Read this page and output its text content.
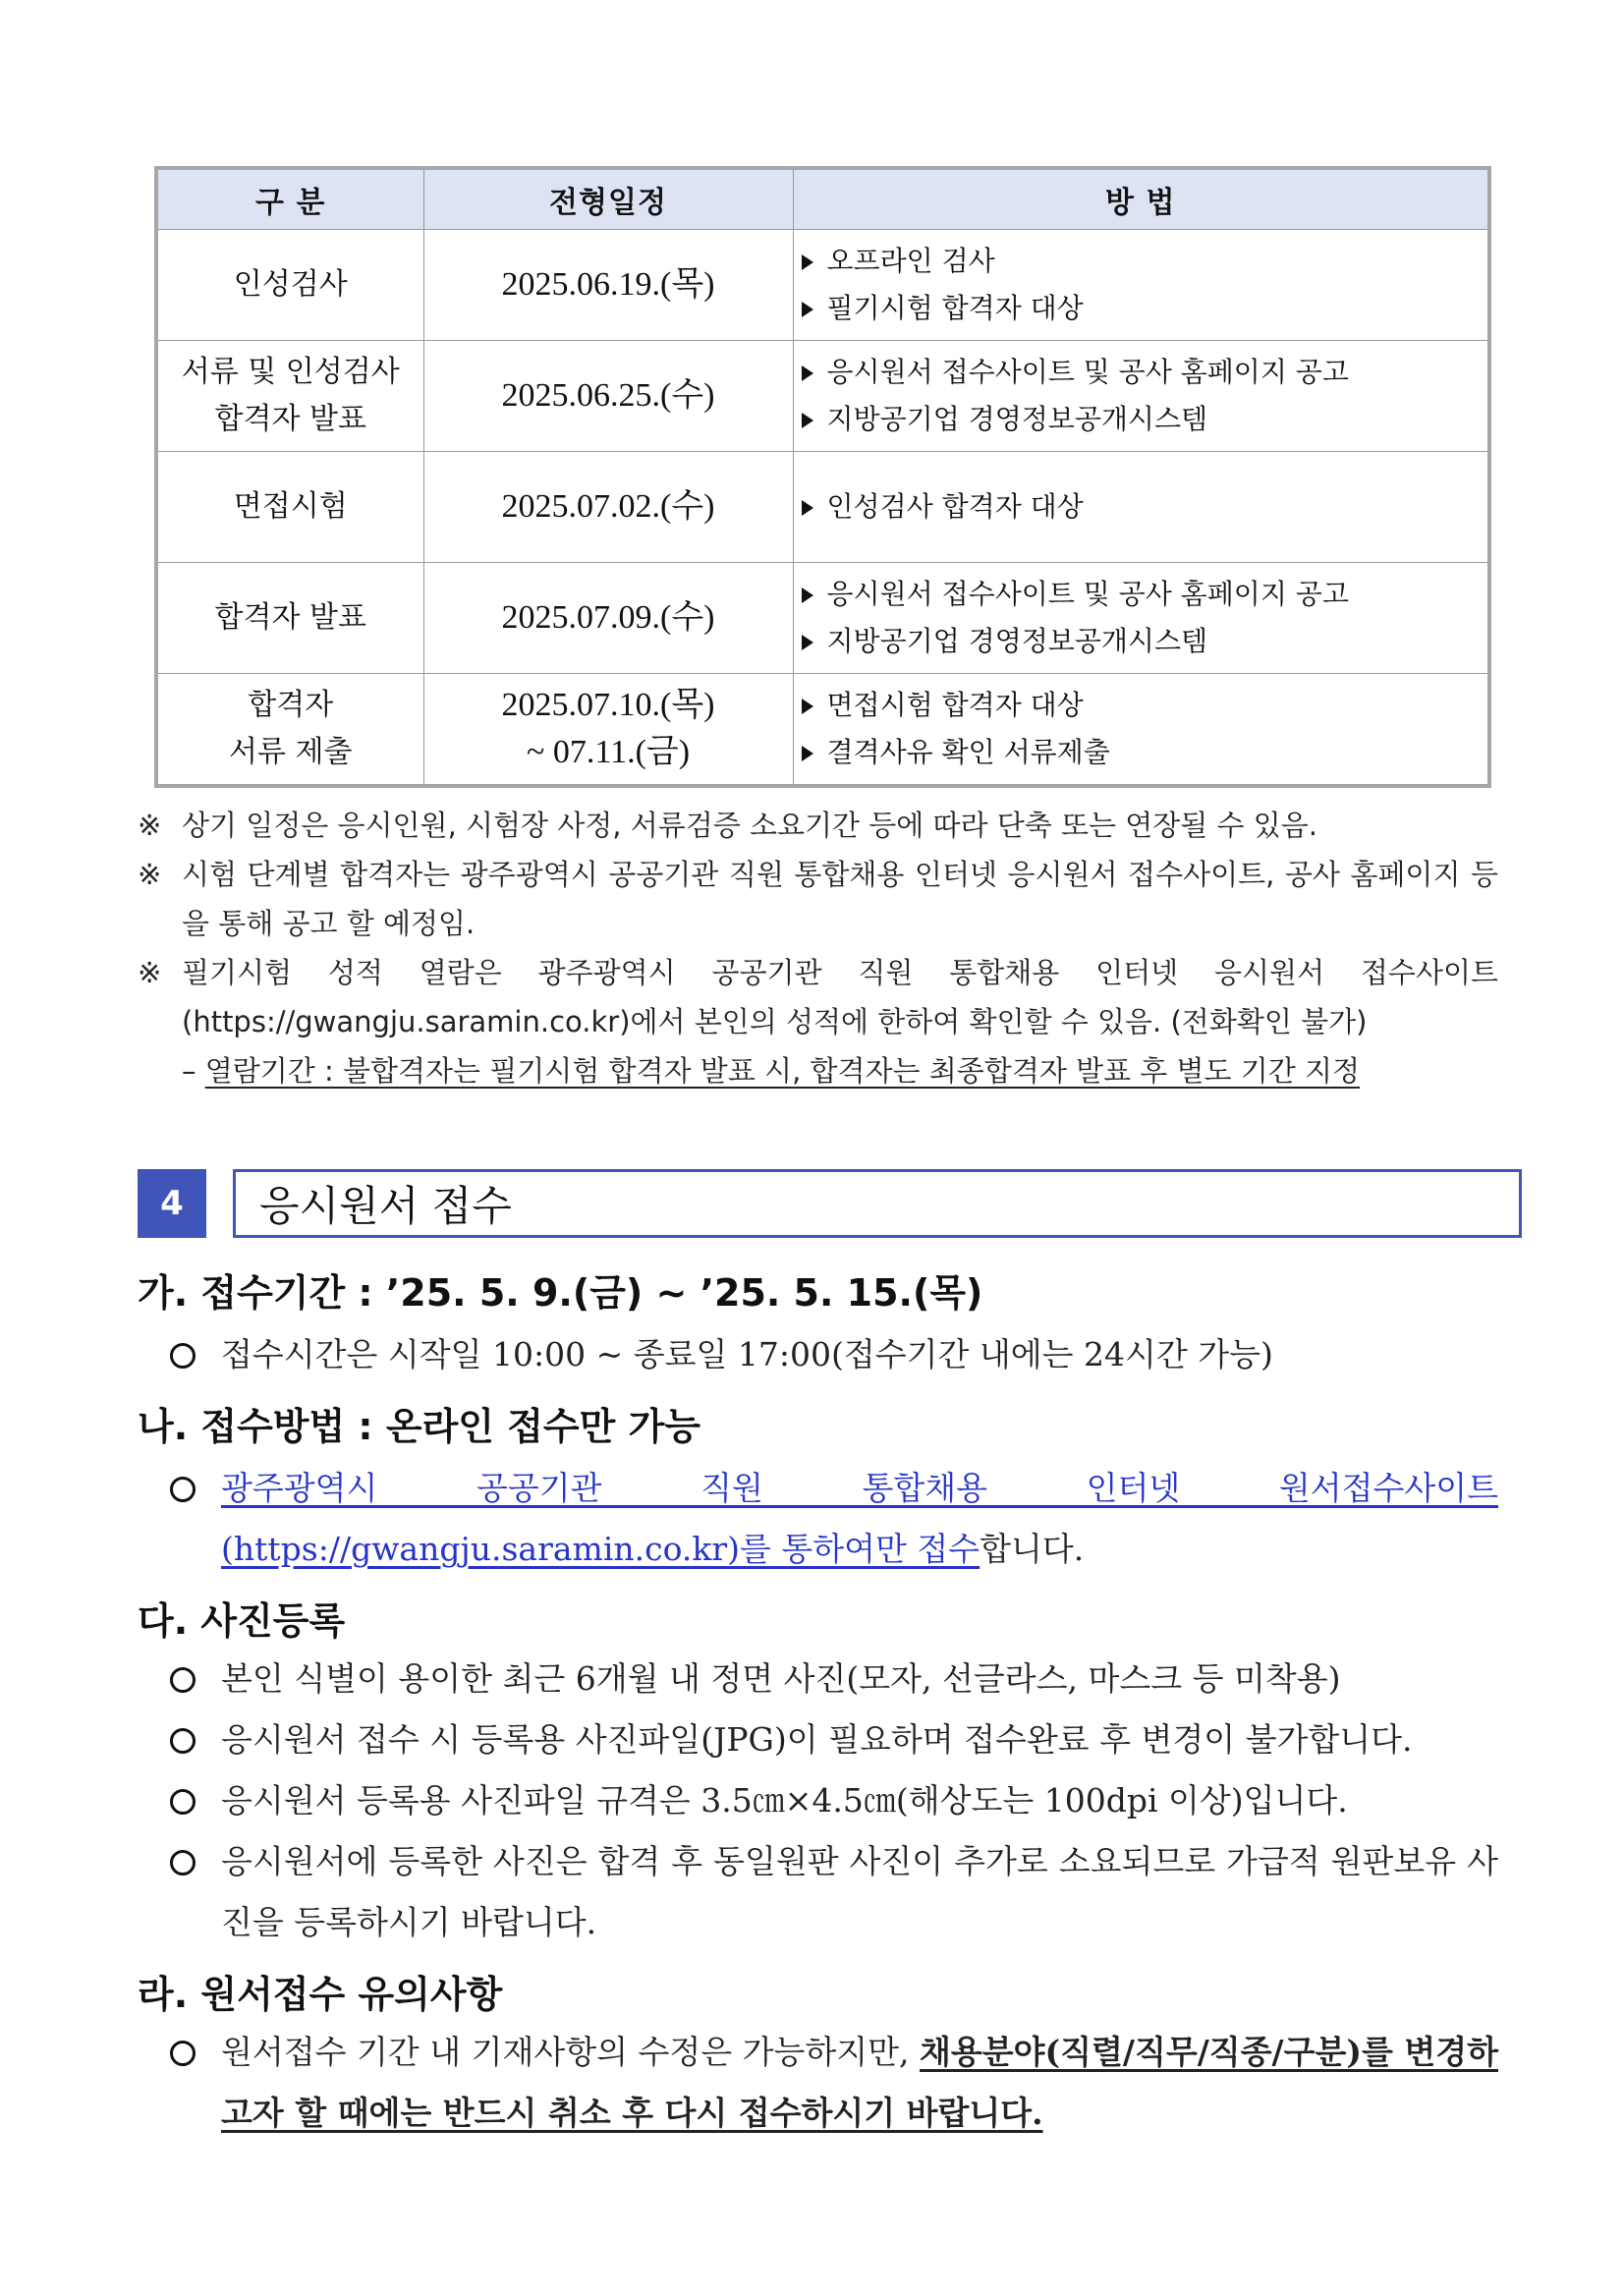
구 분	전형일정	방 법

인성검사	2025.06.19.(목)	오프라인 검사
필기시험 합격자 대상

서류 및 인성검사
합격자 발표	2025.06.25.(수)	응시원서 접수사이트 및 공사 홈페이지 공고
지방공기업 경영정보공개시스템

면접시험	2025.07.02.(수)	인성검사 합격자 대상

합격자 발표	2025.07.09.(수)	응시원서 접수사이트 및 공사 홈페이지 공고
지방공기업 경영정보공개시스템

합격자
서류 제출	2025.07.10.(목)
~ 07.11.(금)	면접시험 합격자 대상
결격사유 확인 서류제출
※ 상기 일정은 응시인원, 시험장 사정, 서류검증 소요기간 등에 따라 단축 또는 연장될 수 있음.
※ 시험 단계별 합격자는 광주광역시 공공기관 직원 통합채용 인터넷 응시원서 접수사이트, 공사 홈페이지 등을 통해 공고 할 예정임.
※ 필기시험 성적 열람은 광주광역시 공공기관 직원 통합채용 인터넷 응시원서 접수사이트 (https://gwangju.saramin.co.kr)에서 본인의 성적에 한하여 확인할 수 있음. (전화확인 불가)
– 열람기간 : 불합격자는 필기시험 합격자 발표 시, 합격자는 최종합격자 발표 후 별도 기간 지정
4	응시원서 접수

가. 접수기간 : ’25. 5. 9.(금) ~ ’25. 5. 15.(목)

접수시간은 시작일 10:00 ~ 종료일 17:00(접수기간 내에는 24시간 가능)

나. 접수방법 : 온라인 접수만 가능

광주광역시 공공기관 직원 통합채용 인터넷 원서접수사이트(https://gwangju.saramin.co.kr)를 통하여만 접수합니다.

다. 사진등록

본인 식별이 용이한 최근 6개월 내 정면 사진(모자, 선글라스, 마스크 등 미착용)
응시원서 접수 시 등록용 사진파일(JPG)이 필요하며 접수완료 후 변경이 불가합니다.
응시원서 등록용 사진파일 규격은 3.5㎝×4.5㎝(해상도는 100dpi 이상)입니다.
응시원서에 등록한 사진은 합격 후 동일원판 사진이 추가로 소요되므로 가급적 원판보유 사진을 등록하시기 바랍니다.

라. 원서접수 유의사항

원서접수 기간 내 기재사항의 수정은 가능하지만, 채용분야(직렬/직무/직종/구분)를 변경하고자 할 때에는 반드시 취소 후 다시 접수하시기 바랍니다.
